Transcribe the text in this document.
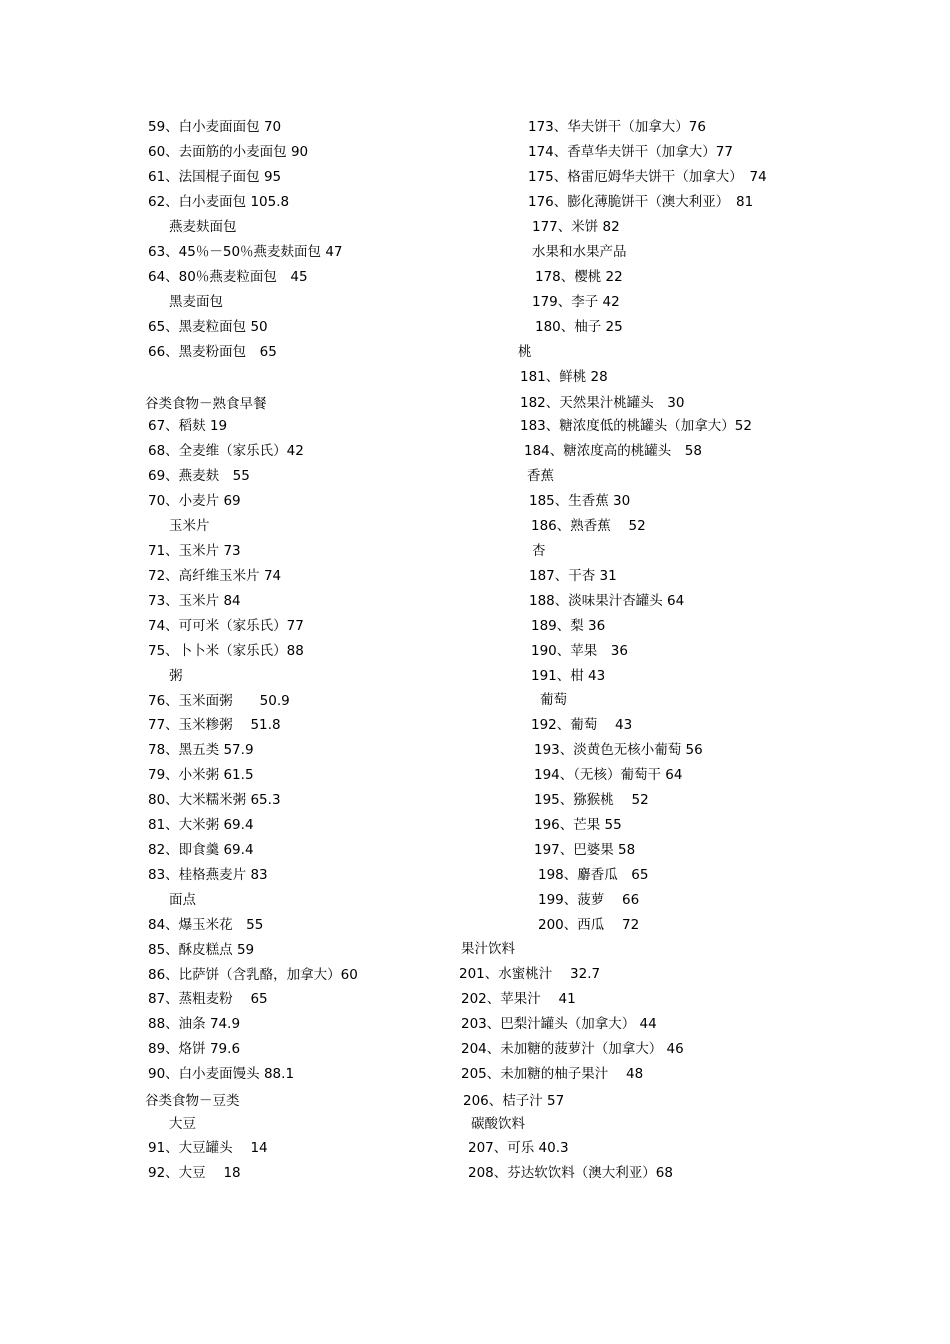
59、白小麦面面包 70
60、去面筋的小麦面包 90
61、法国棍子面包 95
62、白小麦面包 105.8
燕麦麸面包
63、45％－50％燕麦麸面包 47
64、80％燕麦粒面包　45
黑麦面包
65、黑麦粒面包 50
66、黑麦粉面包　65
谷类食物－熟食早餐
67、稻麸 19
68、全麦维（家乐氏）42
69、燕麦麸　55
70、小麦片 69
玉米片
71、玉米片 73
72、高纤维玉米片 74
73、玉米片 84
74、可可米（家乐氏）77
75、卜卜米（家乐氏）88
粥
76、玉米面粥　　50.9
77、玉米糁粥　 51.8
78、黑五类 57.9
79、小米粥 61.5
80、大米糯米粥 65.3
81、大米粥 69.4
82、即食羹 69.4
83、桂格燕麦片 83
面点
84、爆玉米花　55
85、酥皮糕点 59
86、比萨饼（含乳酪，加拿大）60
87、蒸粗麦粉　 65
88、油条 74.9
89、烙饼 79.6
90、白小麦面馒头 88.1
谷类食物－豆类
大豆
91、大豆罐头　 14
92、大豆　 18
173、华夫饼干（加拿大）76
174、香草华夫饼干（加拿大）77
175、格雷厄姆华夫饼干（加拿大）　74
176、膨化薄脆饼干（澳大利亚）　81
177、米饼 82
水果和水果产品
178、樱桃 22
179、李子 42
180、柚子 25
桃
181、鲜桃 28
182、天然果汁桃罐头　30
183、糖浓度低的桃罐头（加拿大）52
184、糖浓度高的桃罐头　58
香蕉
185、生香蕉 30
186、熟香蕉　 52
杏
187、干杏 31
188、淡味果汁杏罐头 64
189、梨 36
190、苹果　36
191、柑 43
葡萄
192、葡萄　 43
193、淡黄色无核小葡萄 56
194、（无核）葡萄干 64
195、猕猴桃　 52
196、芒果 55
197、巴婆果 58
198、麝香瓜　65
199、菠萝　 66
200、西瓜　 72
果汁饮料
201、水蜜桃汁　 32.7
202、苹果汁　 41
203、巴梨汁罐头（加拿大） 44
204、未加糖的菠萝汁（加拿大） 46
205、未加糖的柚子果汁　 48
206、桔子汁 57
碳酸饮料
207、可乐 40.3
208、芬达软饮料（澳大利亚）68
